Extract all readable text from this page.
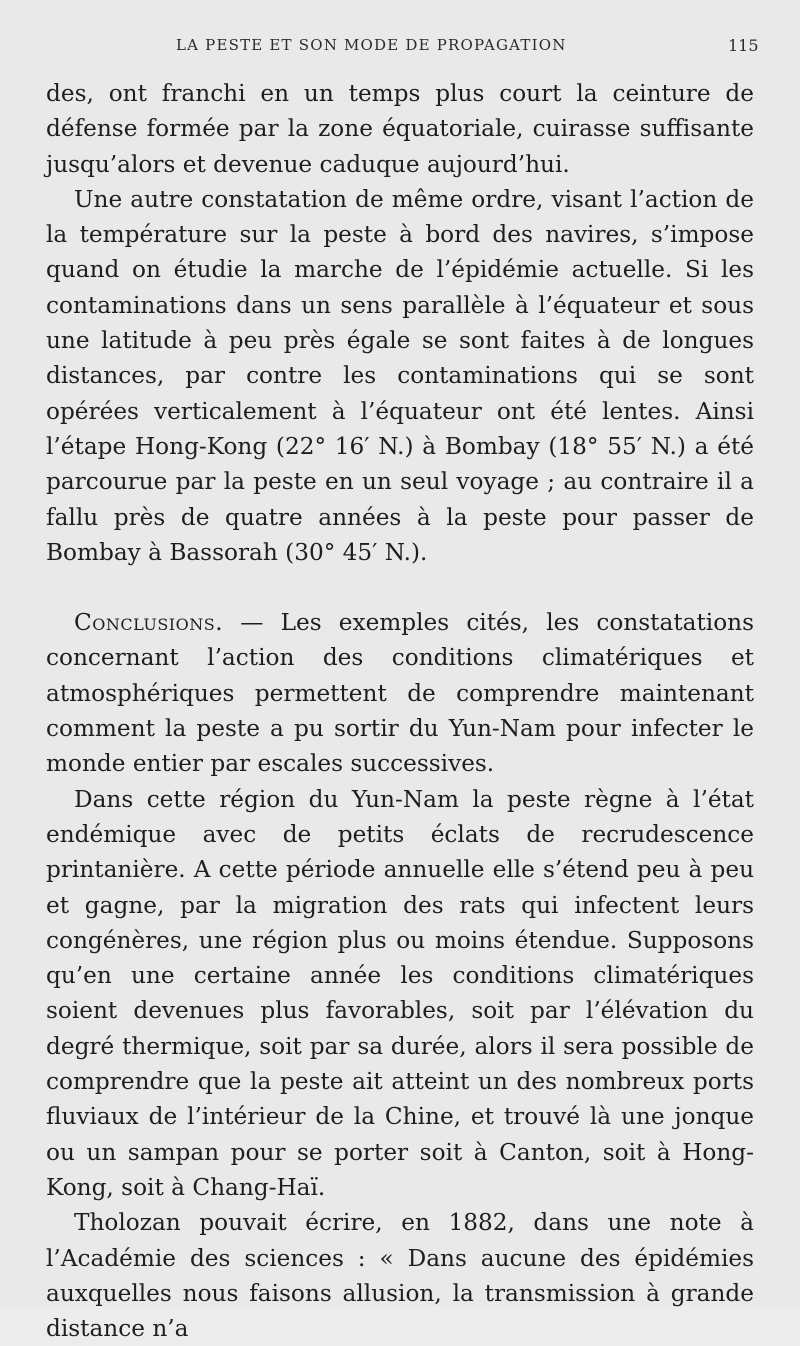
LA PESTE ET SON MODE DE PROPAGATION	115

des, ont franchi en un temps plus court la ceinture de défense formée par la zone équatoriale, cuirasse suffisante jusqu’alors et devenue caduque aujourd’hui.

Une autre constatation de même ordre, visant l’action de la température sur la peste à bord des navires, s’impose quand on étudie la marche de l’épidémie actuelle. Si les contaminations dans un sens parallèle à l’équateur et sous une latitude à peu près égale se sont faites à de longues distances, par contre les contaminations qui se sont opérées verticalement à l’équateur ont été lentes. Ainsi l’étape Hong-Kong (22° 16′ N.) à Bombay (18° 55′ N.) a été parcourue par la peste en un seul voyage ; au contraire il a fallu près de quatre années à la peste pour passer de Bombay à Bassorah (30° 45′ N.).

Conclusions. — Les exemples cités, les constatations concernant l’action des conditions climatériques et atmosphériques permettent de comprendre maintenant comment la peste a pu sortir du Yun-Nam pour infecter le monde entier par escales successives.

Dans cette région du Yun-Nam la peste règne à l’état endémique avec de petits éclats de recrudescence printanière. A cette période annuelle elle s’étend peu à peu et gagne, par la migration des rats qui infectent leurs congénères, une région plus ou moins étendue. Supposons qu’en une certaine année les conditions climatériques soient devenues plus favorables, soit par l’élévation du degré thermique, soit par sa durée, alors il sera possible de comprendre que la peste ait atteint un des nombreux ports fluviaux de l’intérieur de la Chine, et trouvé là une jonque ou un sampan pour se porter soit à Canton, soit à Hong-Kong, soit à Chang-Haï.

Tholozan pouvait écrire, en 1882, dans une note à l’Académie des sciences : « Dans aucune des épidémies auxquelles nous faisons allusion, la transmission à grande distance n’a
